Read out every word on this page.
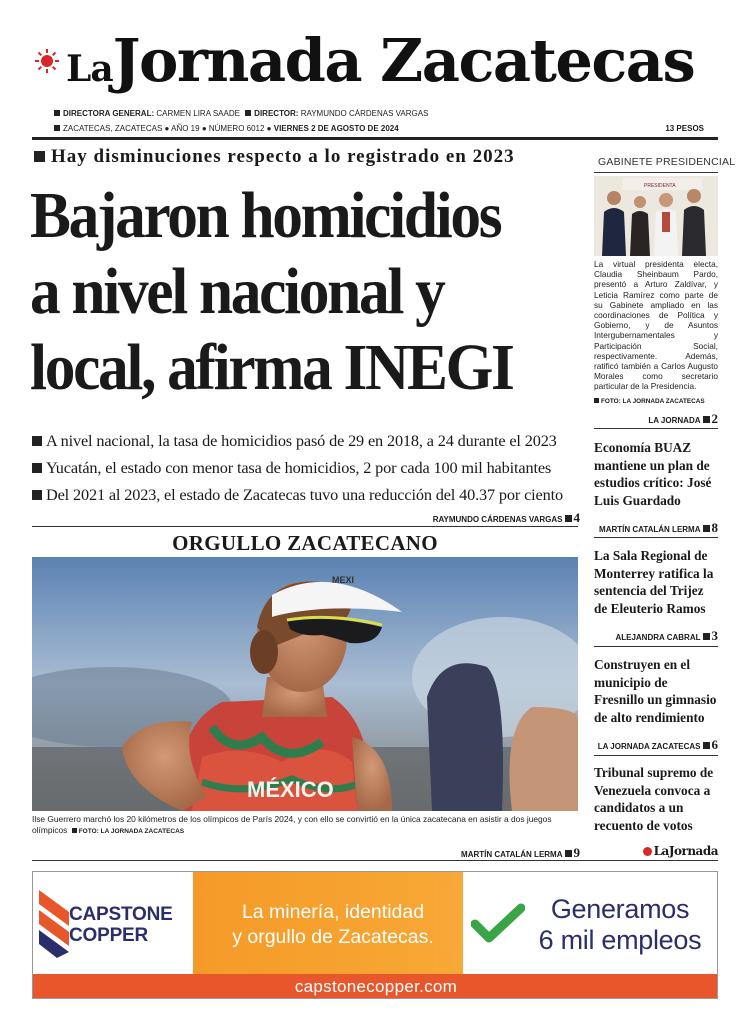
LaJornada Zacatecas
DIRECTORA GENERAL: CARMEN LIRA SAADE DIRECTOR: RAYMUNDO CÁRDENAS VARGAS
ZACATECAS, ZACATECAS ● AÑO 19 ● NÚMERO 6012 ● VIERNES 2 DE AGOSTO DE 2024	13 PESOS
Hay disminuciones respecto a lo registrado en 2023
Bajaron homicidios
a nivel nacional y
local, afirma INEGI
A nivel nacional, la tasa de homicidios pasó de 29 en 2018, a 24 durante el 2023
Yucatán, el estado con menor tasa de homicidios, 2 por cada 100 mil habitantes
Del 2021 al 2023, el estado de Zacatecas tuvo una reducción del 40.37 por ciento
RAYMUNDO CÁRDENAS VARGAS 4
ORGULLO ZACATECANO
MÉXICO
MEXI
Ilse Guerrero marchó los 20 kilómetros de los olímpicos de París 2024, y con ello se convirtió en la única zacatecana en asistir a dos juegos olímpicos FOTO: LA JORNADA ZACATECAS
MARTÍN CATALÁN LERMA 9
GABINETE PRESIDENCIAL
PRESIDENTA
La virtual presidenta electa, Claudia Sheinbaum Pardo, presentó a Arturo Zaldívar, y Leticia Ramírez como parte de su Gabinete ampliado en las coordinaciones de Política y Gobierno, y de Asuntos Intergubernamentales y Participación Social, respectivamente. Además, ratificó también a Carlos Augusto Morales como secretario particular de la Presidencia.
FOTO: LA JORNADA ZACATECAS
LA JORNADA 2
Economía BUAZ mantiene un plan de estudios crítico: José Luis Guardado
MARTÍN CATALÁN LERMA 8
La Sala Regional de Monterrey ratifica la sentencia del Trijez de Eleuterio Ramos
ALEJANDRA CABRAL 3
Construyen en el municipio de Fresnillo un gimnasio de alto rendimiento
LA JORNADA ZACATECAS 6
Tribunal supremo de Venezuela convoca a candidatos a un recuento de votos
LaJornada
CAPSTONE
COPPER
La minería, identidad
y orgullo de Zacatecas.
Generamos
6 mil empleos
capstonecopper.com
